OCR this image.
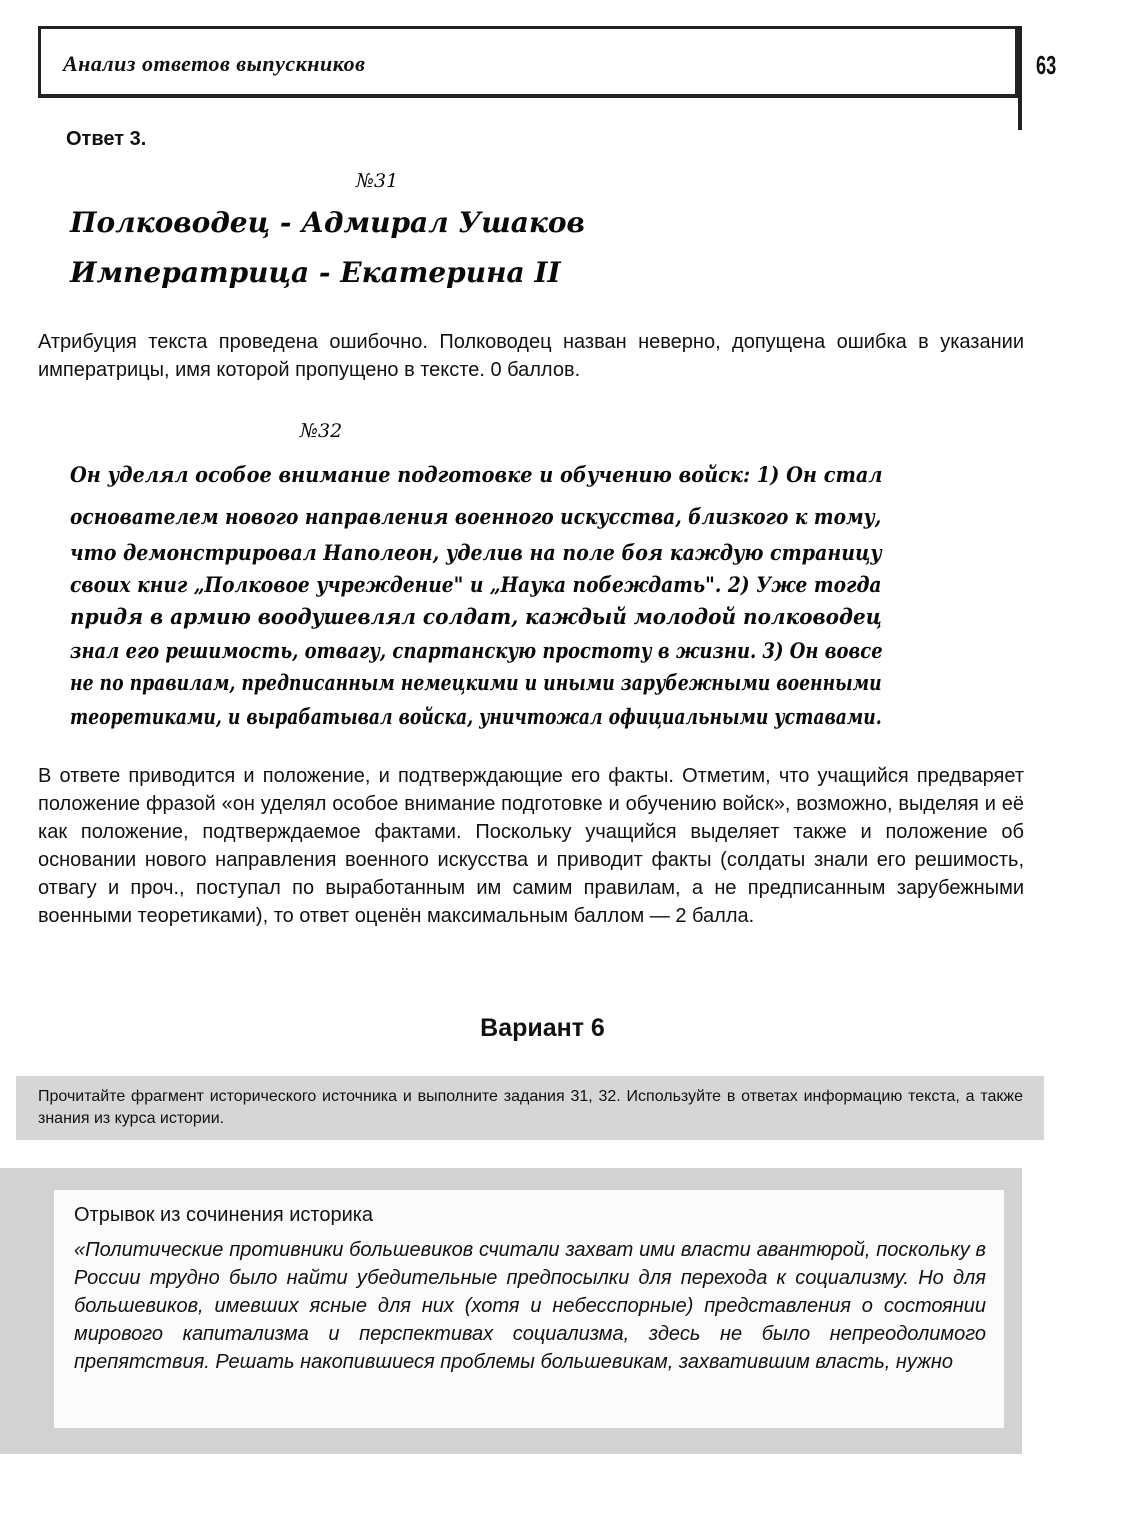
Анализ ответов выпускников	63
Ответ 3.
№31
Полководец - Адмирал Ушаков
Императрица - Екатерина II
Атрибуция текста проведена ошибочно. Полководец назван неверно, допущена ошибка в указании императрицы, имя которой пропущено в тексте. 0 баллов.
№32
Он уделял особое внимание подготовке и обучению войск: 1) Он стал
основателем нового направления военного искусства, близкого к тому,
что демонстрировал Наполеон, уделив на поле боя каждую страницу
своих книг „Полковое учреждение" и „Наука побеждать". 2) Уже тогда
придя в армию воодушевлял солдат, каждый молодой полководец
знал его решимость, отвагу, спартанскую простоту в жизни. 3) Он вовсе
не по правилам, предписанным немецкими и иными зарубежными военными
теоретиками, и вырабатывал войска, уничтожал официальными уставами.
В ответе приводится и положение, и подтверждающие его факты. Отметим, что учащийся предваряет положение фразой «он уделял особое внимание подготовке и обучению войск», возможно, выделяя и её как положение, подтверждаемое фактами. Поскольку учащийся выделяет также и положение об основании нового направления военного искусства и приводит факты (солдаты знали его решимость, отвагу и проч., поступал по выработанным им самим правилам, а не предписанным зарубежными военными теоретиками), то ответ оценён максимальным баллом — 2 балла.
Вариант 6
Прочитайте фрагмент исторического источника и выполните задания 31, 32. Используйте в ответах информацию текста, а также знания из курса истории.
Отрывок из сочинения историка
«Политические противники большевиков считали захват ими власти авантюрой, поскольку в России трудно было найти убедительные предпосылки для перехода к социализму. Но для большевиков, имевших ясные для них (хотя и небесспорные) представления о состоянии мирового капитализма и перспективах социализма, здесь не было непреодолимого препятствия. Решать накопившиеся проблемы большевикам, захватившим власть, нужно
